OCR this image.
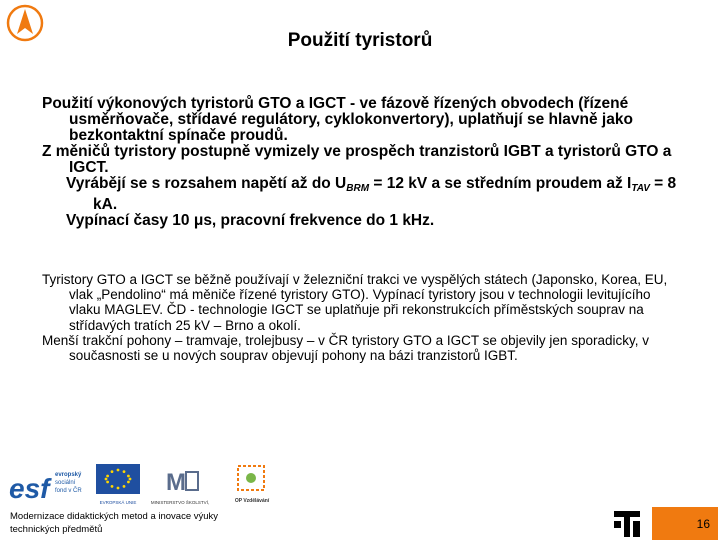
Použití tyristorů

Použití výkonových tyristorů GTO a IGCT - ve fázově řízených obvodech (řízené usměrňovače, střídavé regulátory, cyklokonvertory), uplatňují se hlavně jako bezkontaktní spínače proudů.

Z měničů tyristory postupně vymizely ve prospěch tranzistorů IGBT a tyristorů GTO a IGCT.

Vyrábějí se s rozsahem napětí až do $U_{BRM} = 12$ kV a se středním proudem až $I_{TAV} = 8$ kA.

Vypínací časy 10 μs, pracovní frekvence do 1 kHz.

Tyristory GTO a IGCT se běžně používají v železniční trakci ve vyspělých státech (Japonsko, Korea, EU, vlak „Pendolino“ má měniče řízené tyristory GTO). Vypínací tyristory jsou v technologii levitujícího vlaku MAGLEV. ČD - technologie IGCT se uplatňuje při rekonstrukcích příměstských souprav na střídavých tratích 25 kV – Brno a okolí.

Menší trakční pohony – tramvaje, trolejbusy – v ČR tyristory GTO a IGCT se objevily jen sporadicky, v současnosti se u nových souprav objevují pohony na bázi tranzistorů IGBT.

esf evropský
sociální
fond v ČR
EVROPSKÁ UNIE
M
MINISTERSTVO ŠKOLSTVÍ,	OP Vzdělávání
Modernizace didaktických metod a inovace výuky
technických předmětů	16
